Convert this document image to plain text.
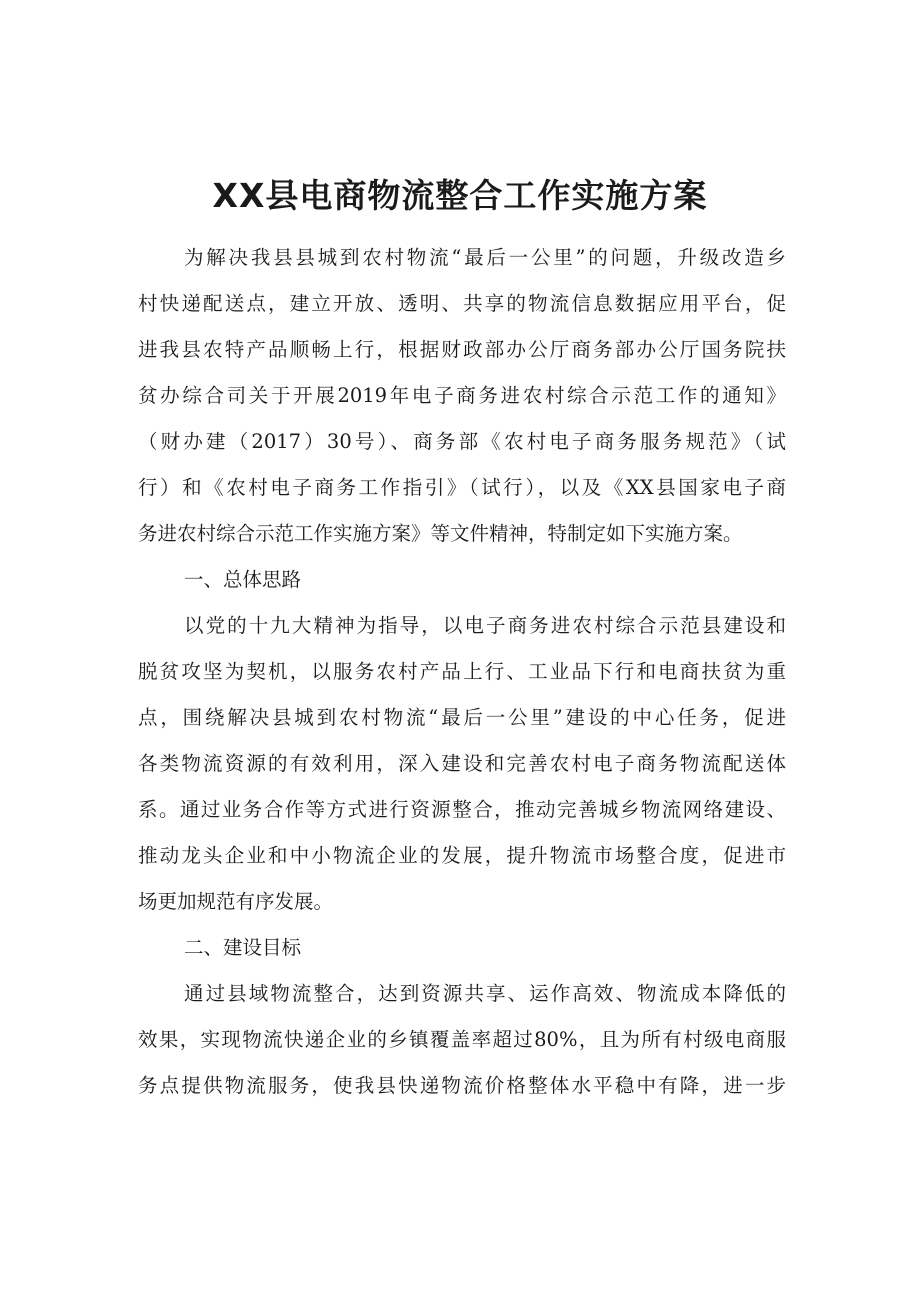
XX县电商物流整合工作实施方案
为解决我县县城到农村物流“最后一公里”的问题，升级改造乡
村快递配送点，建立开放、透明、共享的物流信息数据应用平台，促
进我县农特产品顺畅上行，根据财政部办公厅商务部办公厅国务院扶
贫办综合司关于开展2019年电子商务进农村综合示范工作的通知》
（财办建（2017）30号）、商务部《农村电子商务服务规范》（试
行）和《农村电子商务工作指引》（试行），以及《XX县国家电子商
务进农村综合示范工作实施方案》等文件精神，特制定如下实施方案。
一、总体思路
以党的十九大精神为指导，以电子商务进农村综合示范县建设和
脱贫攻坚为契机，以服务农村产品上行、工业品下行和电商扶贫为重
点，围绕解决县城到农村物流“最后一公里”建设的中心任务，促进
各类物流资源的有效利用，深入建设和完善农村电子商务物流配送体
系。通过业务合作等方式进行资源整合，推动完善城乡物流网络建设、
推动龙头企业和中小物流企业的发展，提升物流市场整合度，促进市
场更加规范有序发展。
二、建设目标
通过县域物流整合，达到资源共享、运作高效、物流成本降低的
效果，实现物流快递企业的乡镇覆盖率超过80%，且为所有村级电商服
务点提供物流服务，使我县快递物流价格整体水平稳中有降，进一步
